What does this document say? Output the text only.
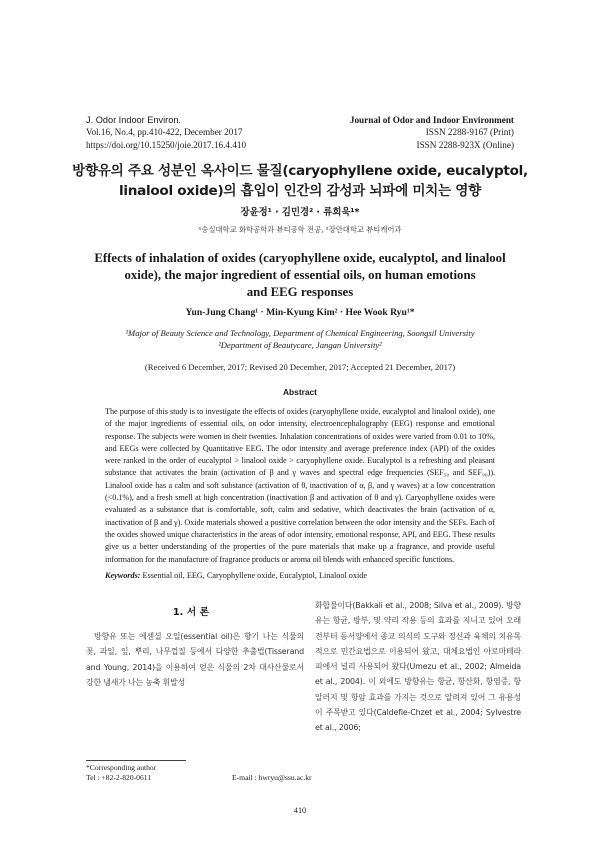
J. Odor Indoor Environ.
Vol.16, No.4, pp.410-422, December 2017
https://doi.org/10.15250/joie.2017.16.4.410
Journal of Odor and Indoor Environment
ISSN 2288-9167 (Print)
ISSN 2288-923X (Online)
방향유의 주요 성분인 옥사이드 물질(caryophyllene oxide, eucalyptol,
linalool oxide)의 흡입이 인간의 감성과 뇌파에 미치는 영향
장윤정¹ · 김민경² · 류희욱¹*
¹숭실대학교 화학공학과 뷰티공학 전공, ²장안대학교 뷰티케어과
Effects of inhalation of oxides (caryophyllene oxide, eucalyptol, and linalool
oxide), the major ingredient of essential oils, on human emotions
and EEG responses
Yun-Jung Chang¹ · Min-Kyung Kim² · Hee Wook Ryu¹*
¹Major of Beauty Science and Technology, Department of Chemical Engineering, Soongsil University
²Department of Beautycare, Jangan University²
(Received 6 December, 2017; Revised 20 December, 2017; Accepted 21 December, 2017)
Abstract
The purpose of this study is to investigate the effects of oxides (caryophyllene oxide, eucalyptol and linalool oxide), one of the major ingredients of essential oils, on odor intensity, electroencephalography (EEG) response and emotional response. The subjects were women in their twenties. Inhalation concentrations of oxides were varied from 0.01 to 10%, and EEGs were collected by Quantitative EEG. The odor intensity and average preference index (API) of the oxides were ranked in the order of eucalyptol > linalool oxide > caryophyllene oxide. Eucalyptol is a refreshing and pleasant substance that activates the brain (activation of β and γ waves and spectral edge frequencies (SEF₅₀ and SEF₉₀)). Linalool oxide has a calm and soft substance (activation of θ, inactivation of α, β, and γ waves) at a low concentration (<0.1%), and a fresh smell at high concentration (inactivation β and activation of θ and γ). Caryophyllene oxides were evaluated as a substance that is comfortable, soft, calm and sedative, which deactivates the brain (activation of α, inactivation of β and γ). Oxide materials showed a positive correlation between the odor intensity and the SEFs. Each of the oxides showed unique characteristics in the areas of odor intensity, emotional response, API, and EEG. These results give us a better understanding of the properties of the pure materials that make up a fragrance, and provide useful information for the manufacture of fragrance products or aroma oil blends with enhanced specific functions.
Keywords: Essential oil, EEG, Caryophyllene oxide, Eucalyptol, Linalool oxide
1. 서 론
방향유 또는 에센셜 오일(essential oil)은 향기 나는 식물의 꽃, 과일, 잎, 뿌리, 나무껍질 등에서 다양한 추출법(Tisserand and Young, 2014)을 이용하여 얻은 식물의 2차 대사산물로서 강한 냄새가 나는 농축 휘발성
화합물이다(Bakkali et al., 2008; Silva et al., 2009). 방향유는 항균, 방부, 및 약리 작용 등의 효과를 지니고 있어 오래 전부터 동서양에서 종교 의식의 도구와 정신과 육체의 치유목적으로 민간요법으로 이용되어 왔고, 대체요법인 아로마테라피에서 널리 사용되어 왔다(Umezu et al., 2002; Almeida et al., 2004). 이 외에도 방향유는 항균, 항산화, 항염증, 항알러지 및 항암 효과를 가지는 것으로 알려져 있어 그 유용성이 주목받고 있다(Caldefie-Chzet et al., 2004; Sylvestre et al., 2006;
*Corresponding author
Tel : +82-2-820-0611	E-mail : hwryu@ssu.ac.kr
410
